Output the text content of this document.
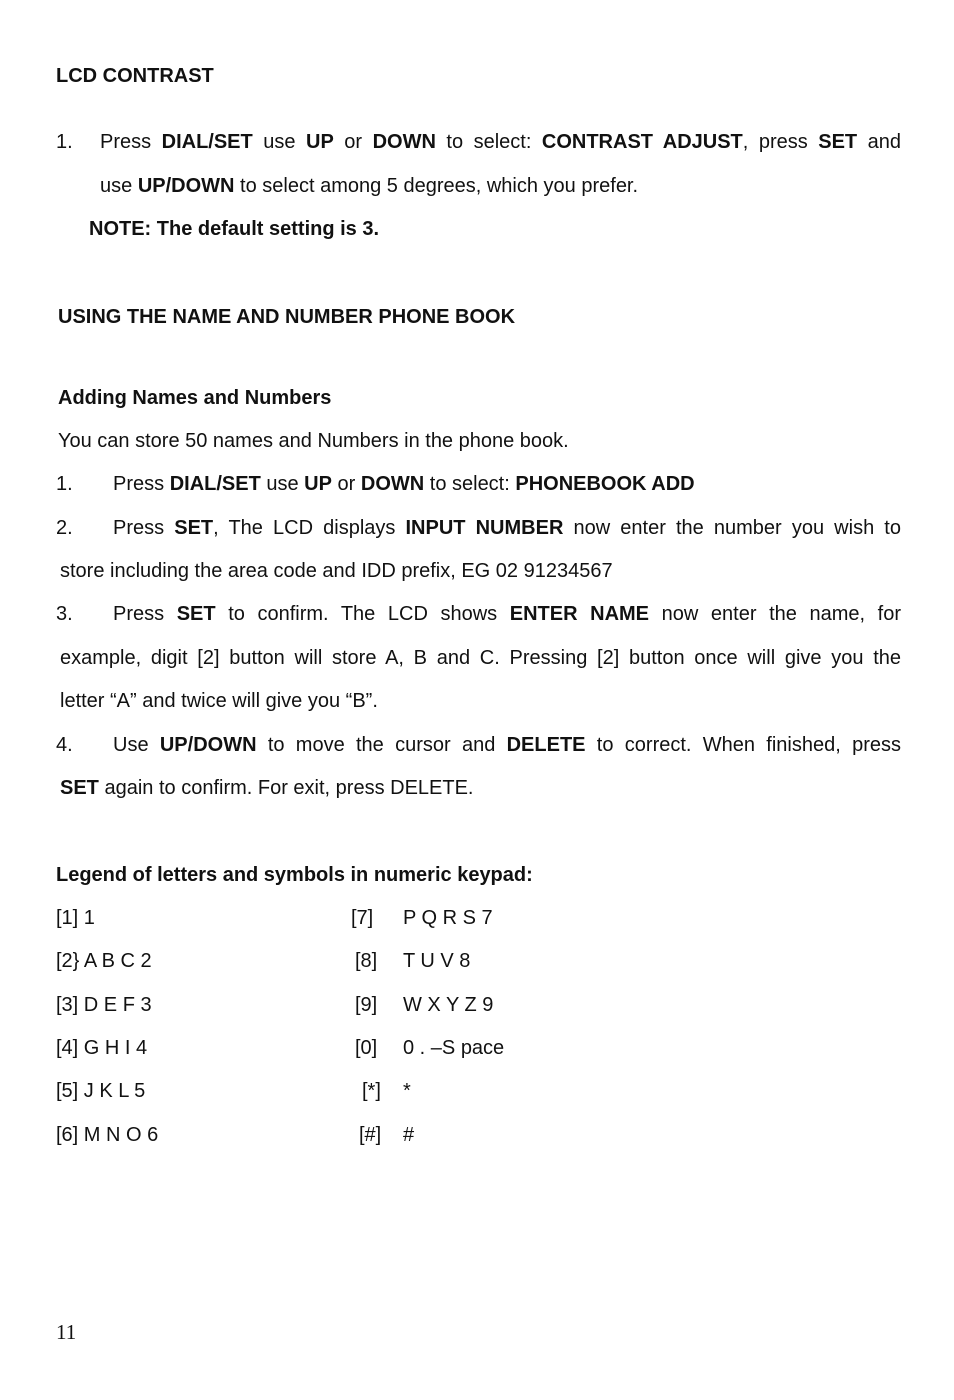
LCD CONTRAST
1. Press DIAL/SET use UP or DOWN to select: CONTRAST ADJUST, press SET and
use UP/DOWN to select among 5 degrees, which you prefer.
NOTE: The default setting is 3.
USING THE NAME AND NUMBER PHONE BOOK
Adding Names and Numbers
You can store 50 names and Numbers in the phone book.
1. Press DIAL/SET use UP or DOWN to select: PHONEBOOK ADD
2. Press SET, The LCD displays INPUT NUMBER now enter the number you wish to
store including the area code and IDD prefix, EG 02 91234567
3. Press SET to confirm. The LCD shows ENTER NAME now enter the name, for
example, digit [2] button will store A, B and C. Pressing [2] button once will give you the
letter “A” and twice will give you “B”.
4. Use UP/DOWN to move the cursor and DELETE to correct. When finished, press
SET again to confirm. For exit, press DELETE.
Legend of letters and symbols in numeric keypad:
[1] 1
[2} A B C 2
[3] D E F 3
[4] G H I 4
[5] J K L 5
[6] M N O 6
[7]
[8]
[9]
[0]
[*]
[#]
P Q R S 7
T U V 8
W X Y Z 9
0 . –S pace
*
#
11
